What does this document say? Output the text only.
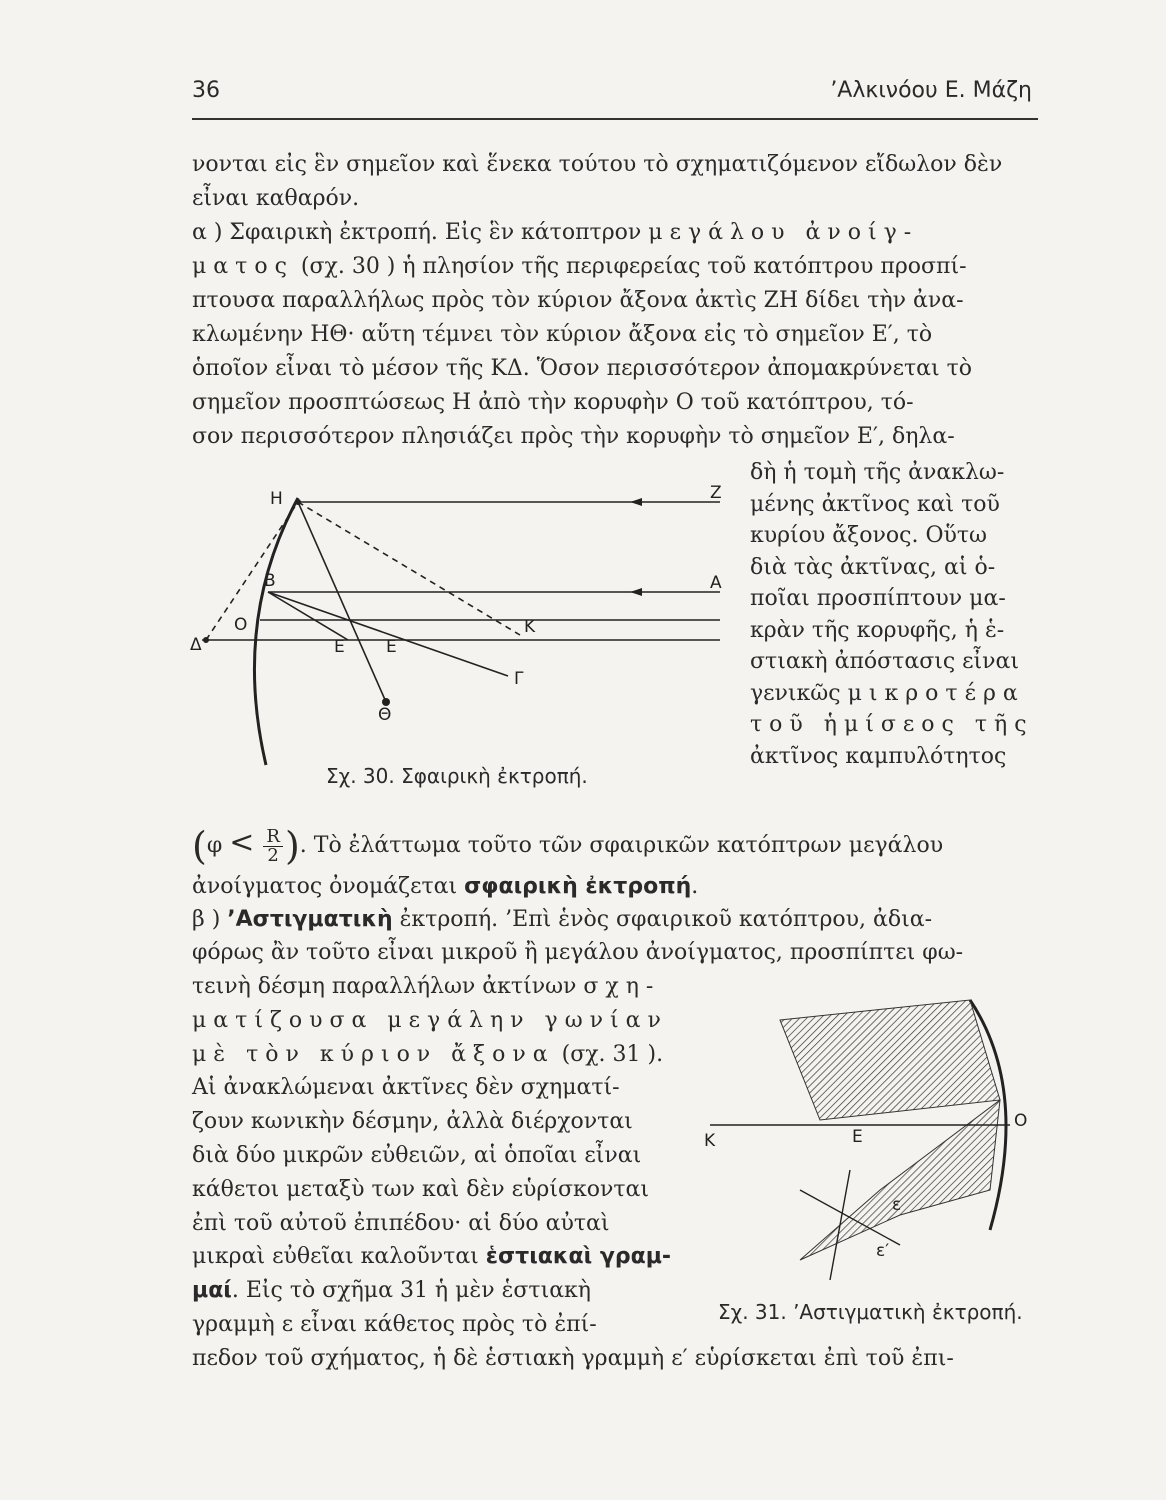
36	’Αλκινόου Ε. Μάζη
νονται εἰς ἓν σημεῖον καὶ ἕνεκα τούτου τὸ σχηματιζόμενον εἴδωλον δὲν
εἶναι καθαρόν.
α ) Σφαιρικὴ ἐκτροπή. Εἰς ἓν κάτοπτρον μεγάλου ἀνοίγ-
ματος (σχ. 30 ) ἡ πλησίον τῆς περιφερείας τοῦ κατόπτρου προσπί-
πτουσα παραλλήλως πρὸς τὸν κύριον ἄξονα ἀκτὶς ΖΗ δίδει τὴν ἀνα-
κλωμένην ΗΘ· αὕτη τέμνει τὸν κύριον ἄξονα εἰς τὸ σημεῖον Ε′, τὸ
ὁποῖον εἶναι τὸ μέσον τῆς ΚΔ. Ὅσον περισσότερον ἀπομακρύνεται τὸ
σημεῖον προσπτώσεως Η ἀπὸ τὴν κορυφὴν Ο τοῦ κατόπτρου, τό-
σον περισσότερον πλησιάζει πρὸς τὴν κορυφὴν τὸ σημεῖον Ε′, δηλα-
δὴ ἡ τομὴ τῆς ἀνακλω-
μένης ἀκτῖνος καὶ τοῦ
κυρίου ἄξονος. Οὕτω
διὰ τὰς ἀκτῖνας, αἱ ὁ-
ποῖαι προσπίπτουν μα-
κρὰν τῆς κορυφῆς, ἡ ἑ-
στιακὴ ἀπόστασις εἶναι
γενικῶς μικροτέρα
τοῦ ἡμίσεος τῆς
ἀκτῖνος καμπυλότητος
Η	Ζ
Β	Α
Ο
Δ
Κ
Ε Ε
Γ
Θ
Σχ. 30. Σφαιρικὴ ἐκτροπή.
($\varphi < \frac{R}{2}$ ). Τὸ ἐλάττωμα τοῦτο τῶν σφαιρικῶν κατόπτρων μεγάλου
ἀνοίγματος ὀνομάζεται σφαιρικὴ ἐκτροπή.
β ) ’Αστιγματικὴ ἐκτροπή. ’Επὶ ἑνὸς σφαιρικοῦ κατόπτρου, ἀδια-
φόρως ἂν τοῦτο εἶναι μικροῦ ἢ μεγάλου ἀνοίγματος, προσπίπτει φω-
τεινὴ δέσμη παραλλήλων ἀκτίνων σχη-
ματίζουσα μεγάλην γωνίαν
μὲ τὸν κύριον ἄξονα (σχ. 31 ).
Αἱ ἀνακλώμεναι ἀκτῖνες δὲν σχηματί-
ζουν κωνικὴν δέσμην, ἀλλὰ διέρχονται
διὰ δύο μικρῶν εὐθειῶν, αἱ ὁποῖαι εἶναι
κάθετοι μεταξὺ των καὶ δὲν εὑρίσκονται
ἐπὶ τοῦ αὐτοῦ ἐπιπέδου· αἱ δύο αὐταὶ
μικραὶ εὐθεῖαι καλοῦνται ἑστιακαὶ γραμ-
μαί. Εἰς τὸ σχῆμα 31 ἡ μὲν ἑστιακὴ
γραμμὴ ε εἶναι κάθετος πρὸς τὸ ἐπί-
πεδον τοῦ σχήματος, ἡ δὲ ἑστιακὴ γραμμὴ ε′ εὑρίσκεται ἐπὶ τοῦ ἐπι-
Ο
Κ	Ε
ε
ε′
Σχ. 31. ’Αστιγματικὴ ἐκτροπή.
